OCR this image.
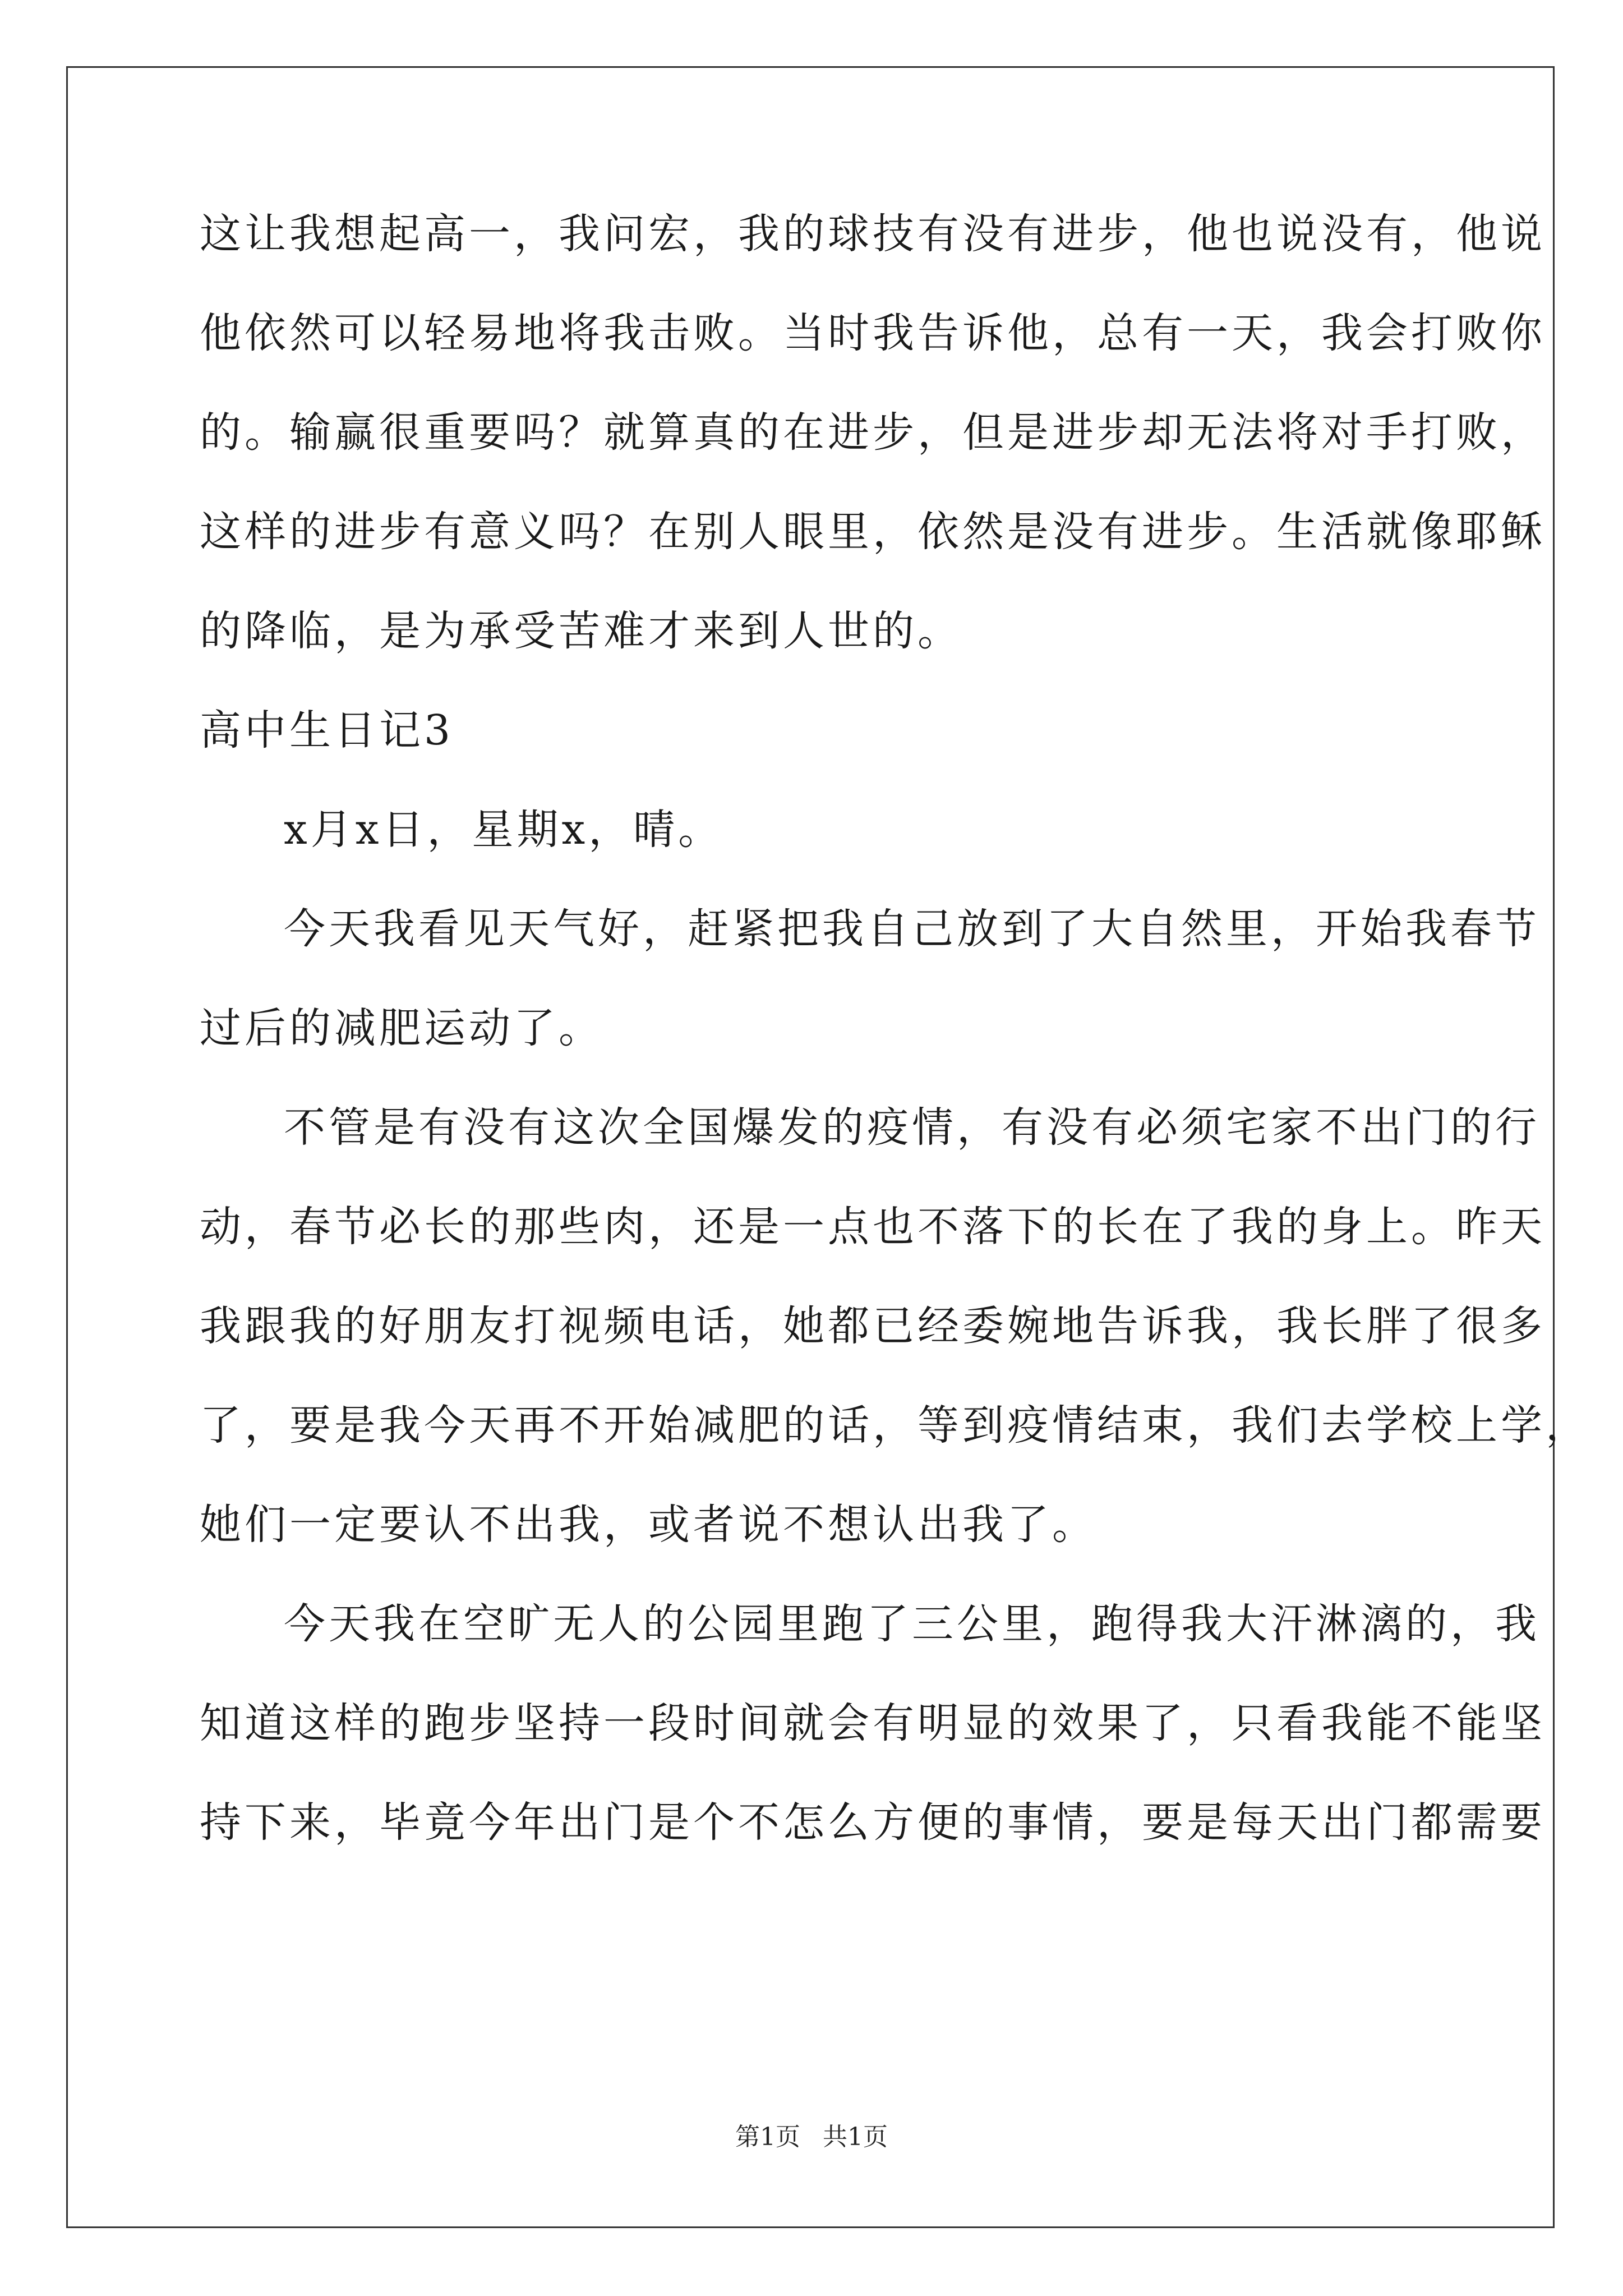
这让我想起高一，我问宏，我的球技有没有进步，他也说没有，他说
他依然可以轻易地将我击败。当时我告诉他，总有一天，我会打败你
的。输赢很重要吗？就算真的在进步，但是进步却无法将对手打败，
这样的进步有意义吗？在别人眼里，依然是没有进步。生活就像耶稣
的降临，是为承受苦难才来到人世的。
高中生日记3
x月x日，星期x，晴。
今天我看见天气好，赶紧把我自己放到了大自然里，开始我春节
过后的减肥运动了。
不管是有没有这次全国爆发的疫情，有没有必须宅家不出门的行
动，春节必长的那些肉，还是一点也不落下的长在了我的身上。昨天
我跟我的好朋友打视频电话，她都已经委婉地告诉我，我长胖了很多
了，要是我今天再不开始减肥的话，等到疫情结束，我们去学校上学，
她们一定要认不出我，或者说不想认出我了。
今天我在空旷无人的公园里跑了三公里，跑得我大汗淋漓的，我
知道这样的跑步坚持一段时间就会有明显的效果了，只看我能不能坚
持下来，毕竟今年出门是个不怎么方便的事情，要是每天出门都需要
第1页 共1页
